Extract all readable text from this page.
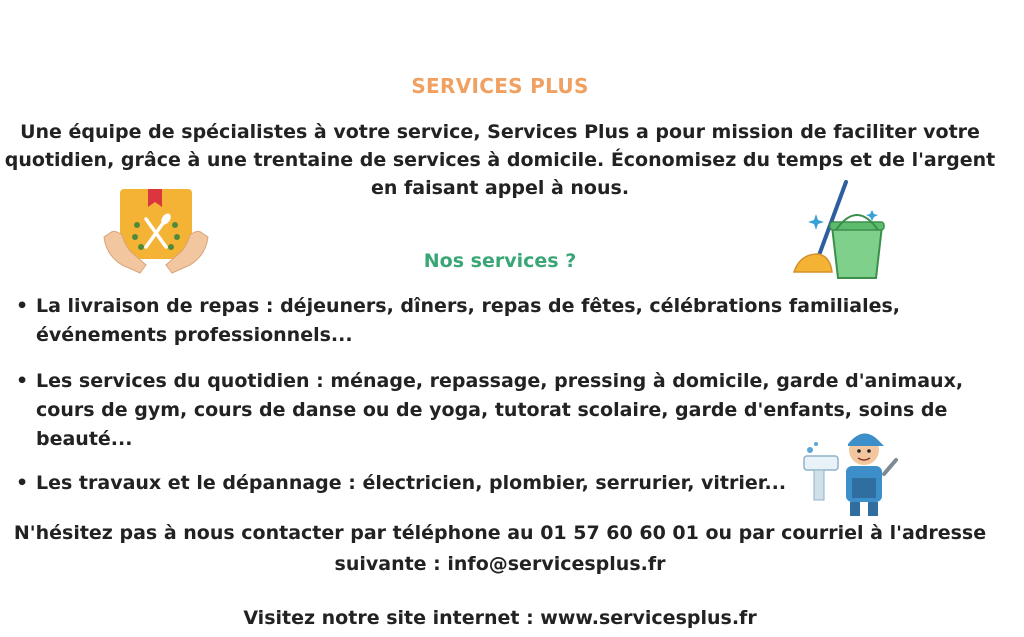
SERVICES PLUS
Une équipe de spécialistes à votre service, Services Plus a pour mission de faciliter votre quotidien, grâce à une trentaine de services à domicile. Économisez du temps et de l'argent en faisant appel à nous.
Nos services ?
• La livraison de repas : déjeuners, dîners, repas de fêtes, célébrations familiales, événements professionnels...
• Les services du quotidien : ménage, repassage, pressing à domicile, garde d'animaux, cours de gym, cours de danse ou de yoga, tutorat scolaire, garde d'enfants, soins de beauté...
• Les travaux et le dépannage : électricien, plombier, serrurier, vitrier...
N'hésitez pas à nous contacter par téléphone au 01 57 60 60 01 ou par courriel à l'adresse suivante : info@servicesplus.fr
Visitez notre site internet : www.servicesplus.fr
